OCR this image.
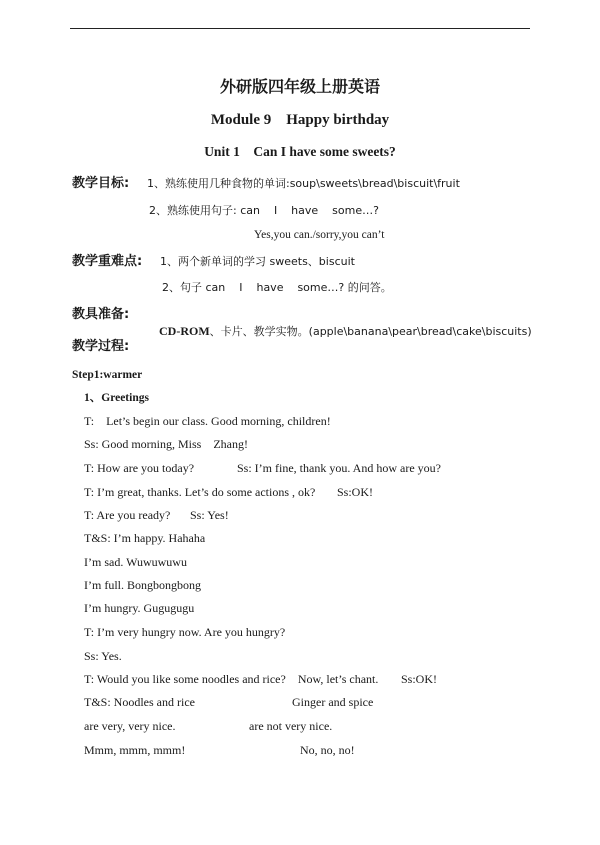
外研版四年级上册英语
Module 9    Happy birthday
Unit 1    Can I have some sweets?
教学目标: 1、熟练使用几种食物的单词:soup\sweets\bread\biscuit\fruit
2、熟练使用句子: can    I    have    some…?
Yes,you can./sorry,you can’t
教学重难点: 1、两个新单词的学习 sweets、biscuit
2、句子 can    I    have    some…? 的问答。
教具准备:

CD-ROM、卡片、教学实物。(apple\banana\pear\bread\cake\biscuits)

教学过程:
Step1:warmer
1、Greetings
T:    Let’s begin our class. Good morning, children!
Ss: Good morning, Miss    Zhang!
T: How are you today?	Ss: I’m fine, thank you. And how are you?
T: I’m great, thanks. Let’s do some actions , ok? Ss:OK!
T: Are you ready? Ss: Yes!
T&S: I’m happy. Hahaha
I’m sad. Wuwuwuwu
I’m full. Bongbongbong
I’m hungry. Gugugugu
T: I’m very hungry now. Are you hungry?
Ss: Yes.
T: Would you like some noodles and rice?    Now, let’s chant. Ss:OK!
T&S: Noodles and rice	Ginger and spice
are very, very nice.	are not very nice.
Mmm, mmm, mmm!	No, no, no!
